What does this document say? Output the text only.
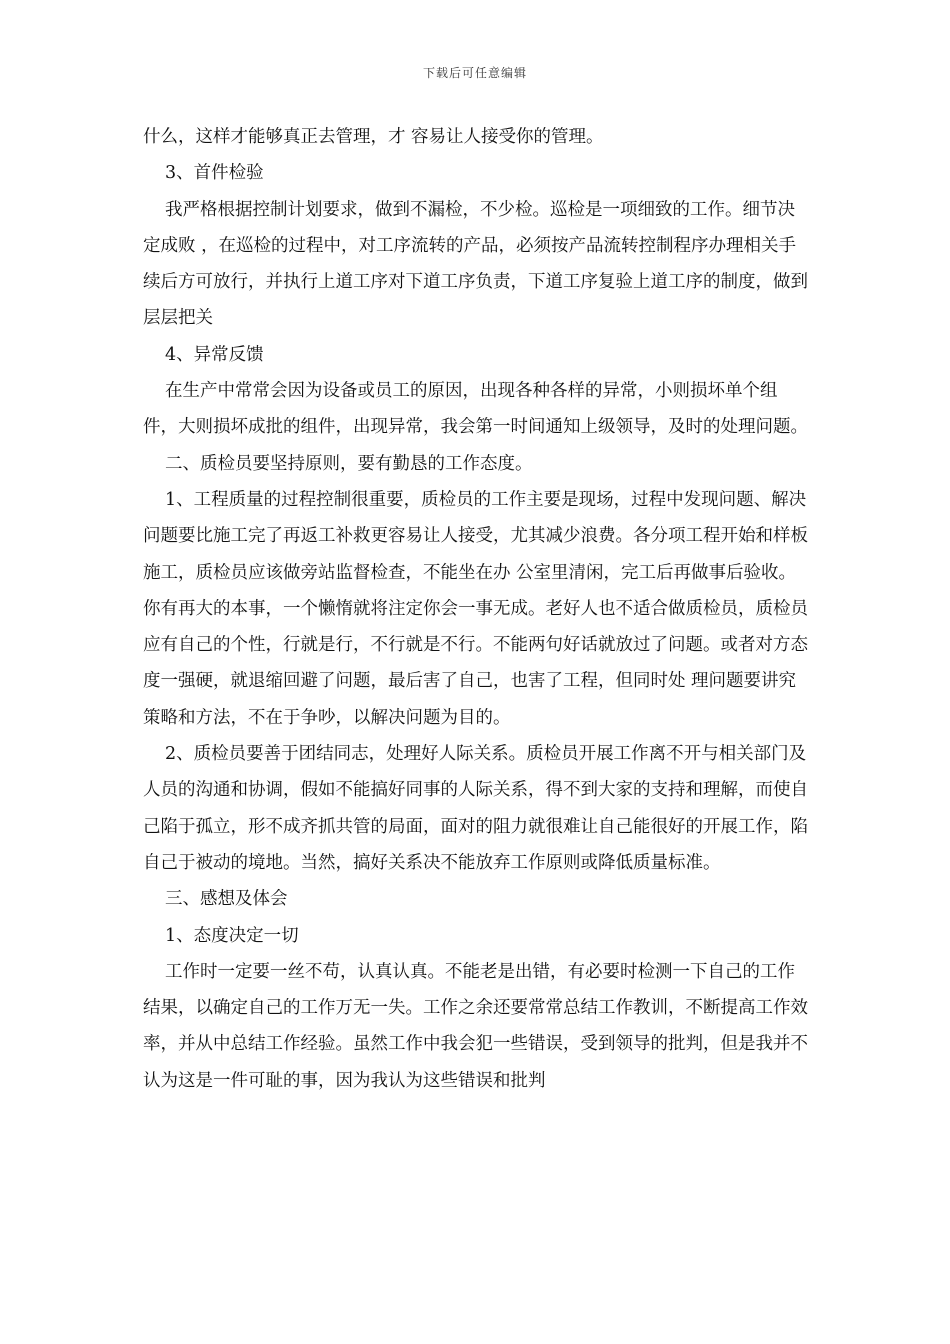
下载后可任意编辑

什么，这样才能够真正去管理，才 容易让人接受你的管理。

3、首件检验

我严格根据控制计划要求，做到不漏检，不少检。巡检是一项细致的工作。细节决定成败 ，在巡检的过程中，对工序流转的产品，必须按产品流转控制程序办理相关手续后方可放行，并执行上道工序对下道工序负责，下道工序复验上道工序的制度，做到层层把关

4、异常反馈

在生产中常常会因为设备或员工的原因，出现各种各样的异常，小则损坏单个组件，大则损坏成批的组件，出现异常，我会第一时间通知上级领导，及时的处理问题。

二、质检员要坚持原则，要有勤恳的工作态度。

1、工程质量的过程控制很重要，质检员的工作主要是现场，过程中发现问题、解决问题要比施工完了再返工补救更容易让人接受，尤其减少浪费。各分项工程开始和样板施工，质检员应该做旁站监督检查，不能坐在办 公室里清闲，完工后再做事后验收。你有再大的本事，一个懒惰就将注定你会一事无成。老好人也不适合做质检员，质检员应有自己的个性，行就是行，不行就是不行。不能两句好话就放过了问题。或者对方态度一强硬，就退缩回避了问题，最后害了自己，也害了工程，但同时处 理问题要讲究策略和方法，不在于争吵，以解决问题为目的。

2、质检员要善于团结同志，处理好人际关系。质检员开展工作离不开与相关部门及人员的沟通和协调，假如不能搞好同事的人际关系，得不到大家的支持和理解，而使自己陷于孤立，形不成齐抓共管的局面，面对的阻力就很难让自己能很好的开展工作，陷自己于被动的境地。当然，搞好关系决不能放弃工作原则或降低质量标准。

三、感想及体会

1、态度决定一切

工作时一定要一丝不苟，认真认真。不能老是出错，有必要时检测一下自己的工作结果，以确定自己的工作万无一失。工作之余还要常常总结工作教训，不断提高工作效率，并从中总结工作经验。虽然工作中我会犯一些错误，受到领导的批判，但是我并不认为这是一件可耻的事，因为我认为这些错误和批判
